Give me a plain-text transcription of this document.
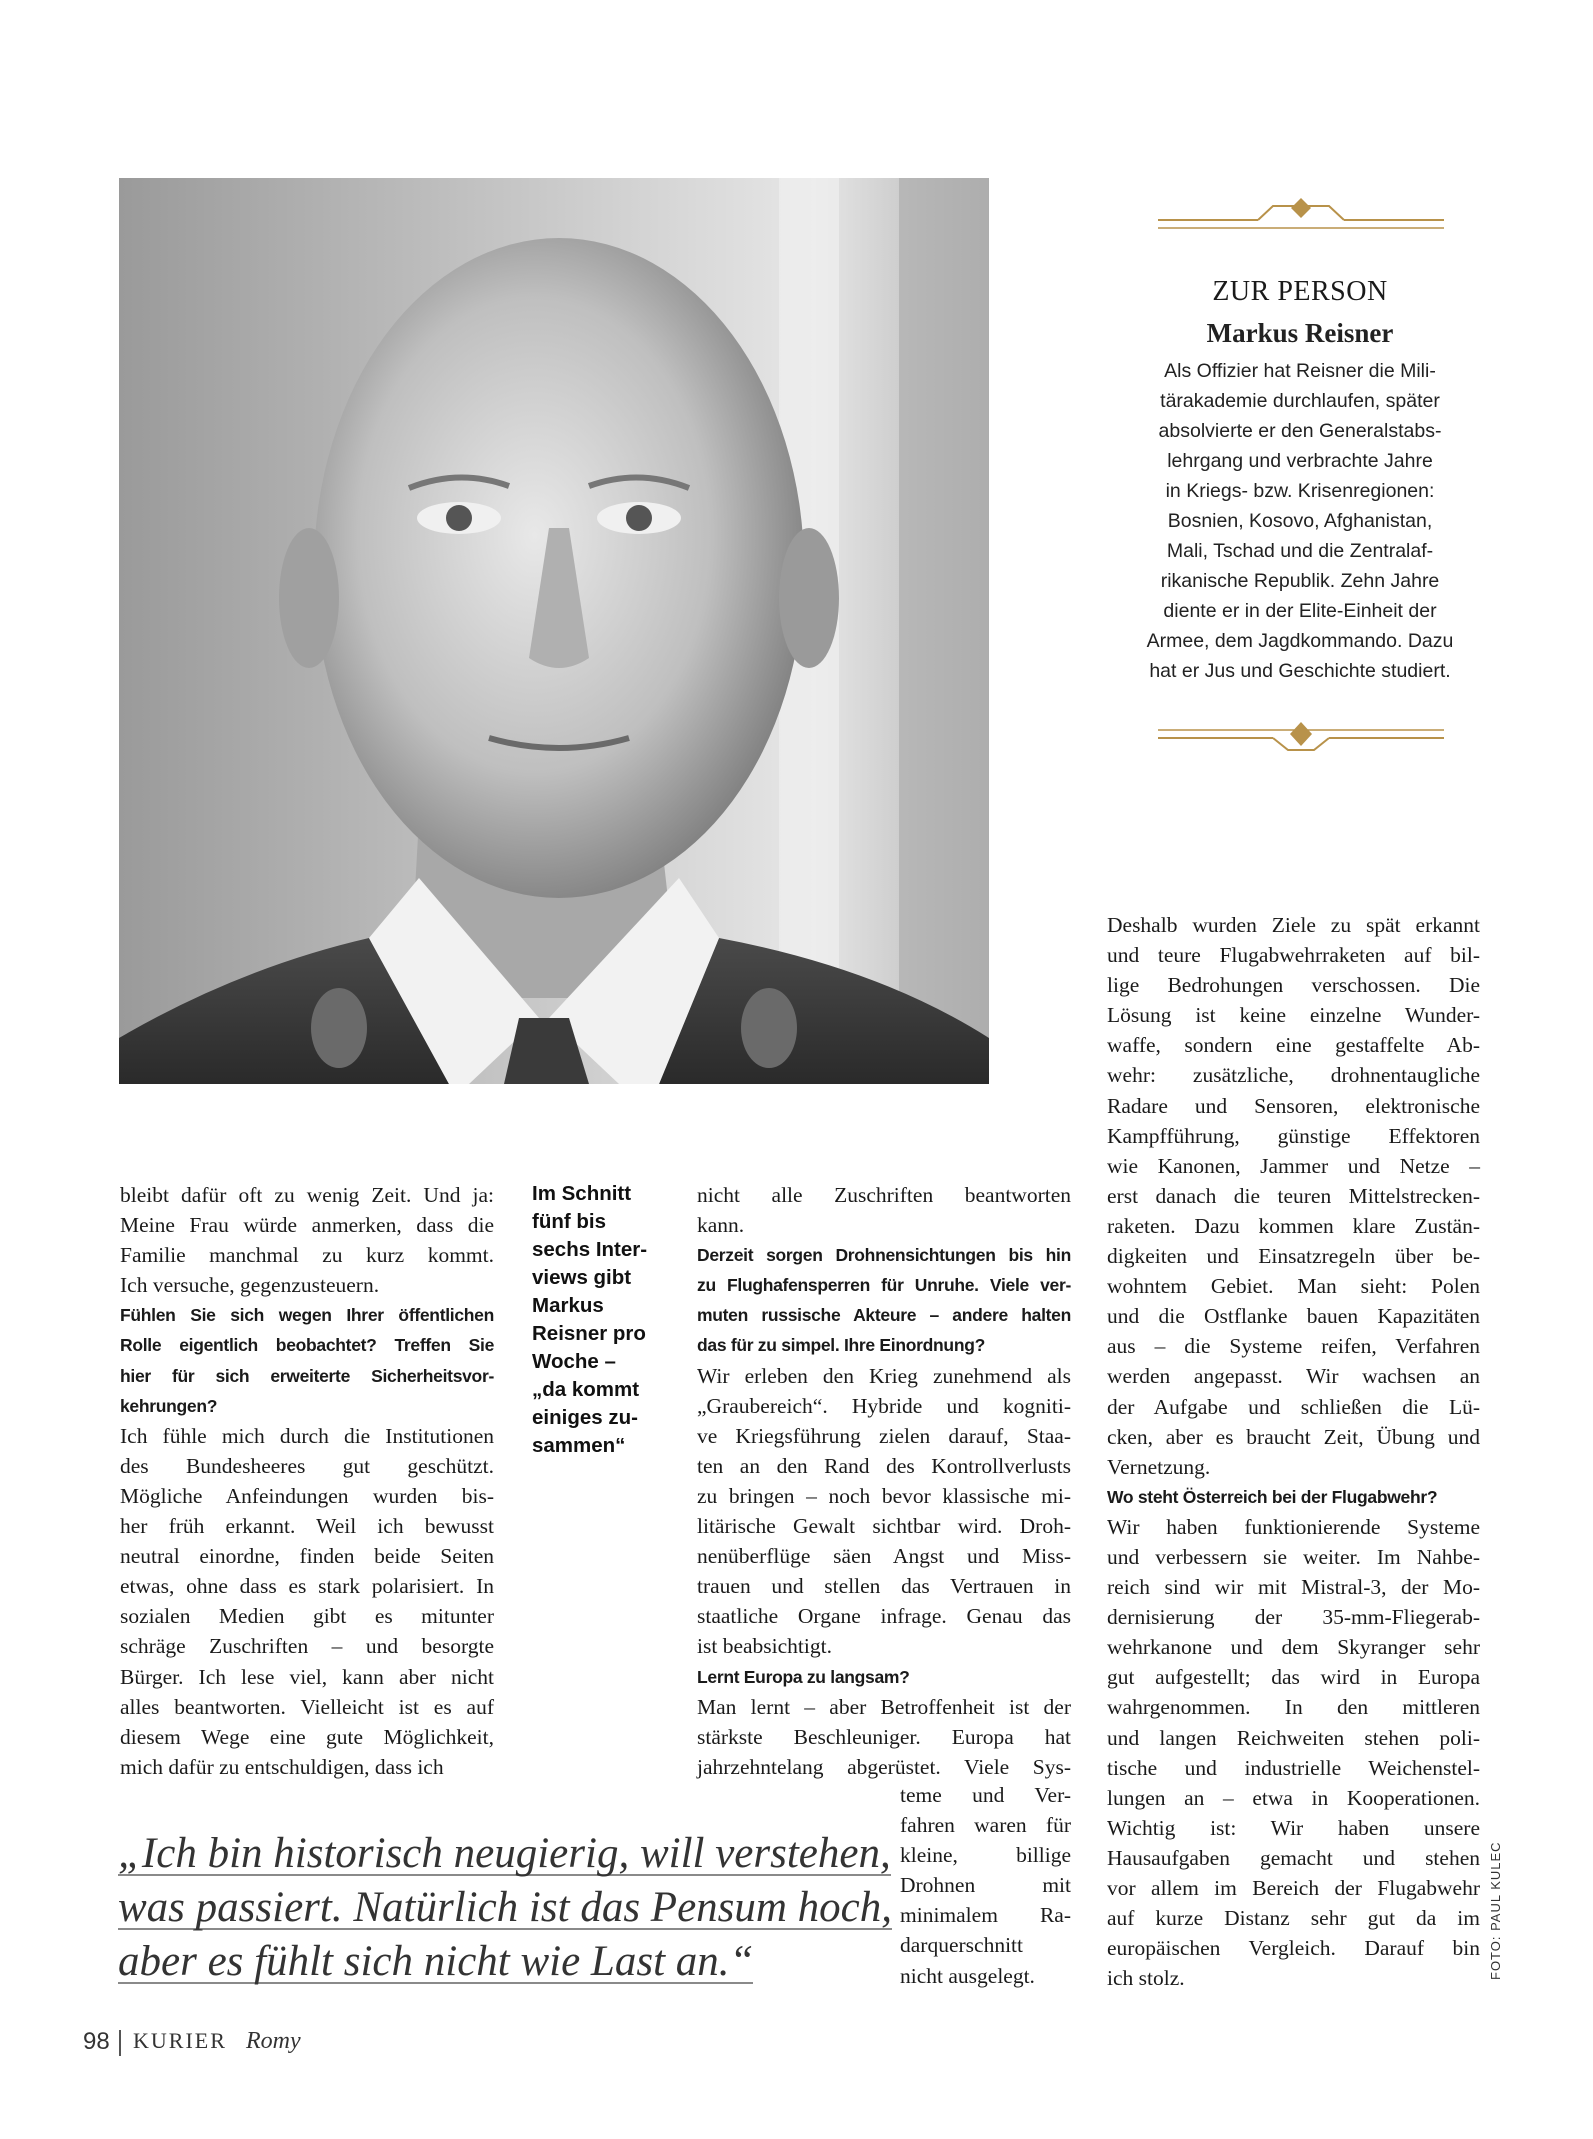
ZUR PERSON
Markus Reisner
Als Offizier hat Reisner die Mili-
tärakademie durchlaufen, später
absolvierte er den Generalstabs-
lehrgang und verbrachte Jahre
in Kriegs- bzw. Krisenregionen:
Bosnien, Kosovo, Afghanistan,
Mali, Tschad und die Zentralaf-
rikanische Republik. Zehn Jahre
diente er in der Elite-Einheit der
Armee, dem Jagdkommando. Dazu
hat er Jus und Geschichte studiert.
bleibt dafür oft zu wenig Zeit. Und ja:
Meine Frau würde anmerken, dass die
Familie manchmal zu kurz kommt.
Ich versuche, gegenzusteuern.
Fühlen Sie sich wegen Ihrer öffentlichen
Rolle eigentlich beobachtet? Treffen Sie
hier für sich erweiterte Sicherheitsvor-
kehrungen?
Ich fühle mich durch die Institutionen
des Bundesheeres gut geschützt.
Mögliche Anfeindungen wurden bis-
her früh erkannt. Weil ich bewusst
neutral einordne, finden beide Seiten
etwas, ohne dass es stark polarisiert. In
sozialen Medien gibt es mitunter
schräge Zuschriften – und besorgte
Bürger. Ich lese viel, kann aber nicht
alles beantworten. Vielleicht ist es auf
diesem Wege eine gute Möglichkeit,
mich dafür zu entschuldigen, dass ich
Im Schnitt
fünf bis
sechs Inter-
views gibt
Markus
Reisner pro
Woche –
„da kommt
einiges zu-
sammen“
nicht alle Zuschriften beantworten
kann.
Derzeit sorgen Drohnensichtungen bis hin
zu Flughafensperren für Unruhe. Viele ver-
muten russische Akteure – andere halten
das für zu simpel. Ihre Einordnung?
Wir erleben den Krieg zunehmend als
„Graubereich“. Hybride und kogniti-
ve Kriegsführung zielen darauf, Staa-
ten an den Rand des Kontrollverlusts
zu bringen – noch bevor klassische mi-
litärische Gewalt sichtbar wird. Droh-
nenüberflüge säen Angst und Miss-
trauen und stellen das Vertrauen in
staatliche Organe infrage. Genau das
ist beabsichtigt.
Lernt Europa zu langsam?
Man lernt – aber Betroffenheit ist der
stärkste Beschleuniger. Europa hat
jahrzehntelang abgerüstet. Viele Sys-
teme und Ver-
fahren waren für
kleine, billige
Drohnen mit
minimalem Ra-
darquerschnitt
nicht ausgelegt.
Deshalb wurden Ziele zu spät erkannt
und teure Flugabwehrraketen auf bil-
lige Bedrohungen verschossen. Die
Lösung ist keine einzelne Wunder-
waffe, sondern eine gestaffelte Ab-
wehr: zusätzliche, drohnentaugliche
Radare und Sensoren, elektronische
Kampfführung, günstige Effektoren
wie Kanonen, Jammer und Netze –
erst danach die teuren Mittelstrecken-
raketen. Dazu kommen klare Zustän-
digkeiten und Einsatzregeln über be-
wohntem Gebiet. Man sieht: Polen
und die Ostflanke bauen Kapazitäten
aus – die Systeme reifen, Verfahren
werden angepasst. Wir wachsen an
der Aufgabe und schließen die Lü-
cken, aber es braucht Zeit, Übung und
Vernetzung.
Wo steht Österreich bei der Flugabwehr?
Wir haben funktionierende Systeme
und verbessern sie weiter. Im Nahbe-
reich sind wir mit Mistral-3, der Mo-
dernisierung der 35-mm-Fliegerab-
wehrkanone und dem Skyranger sehr
gut aufgestellt; das wird in Europa
wahrgenommen. In den mittleren
und langen Reichweiten stehen poli-
tische und industrielle Weichenstel-
lungen an – etwa in Kooperationen.
Wichtig ist: Wir haben unsere
Hausaufgaben gemacht und stehen
vor allem im Bereich der Flugabwehr
auf kurze Distanz sehr gut da im
europäischen Vergleich. Darauf bin
ich stolz.
„Ich bin historisch neugierig, will verstehen,
was passiert. Natürlich ist das Pensum hoch,
aber es fühlt sich nicht wie Last an.“

98 KURIER Romy
FOTO: PAUL KULEC
